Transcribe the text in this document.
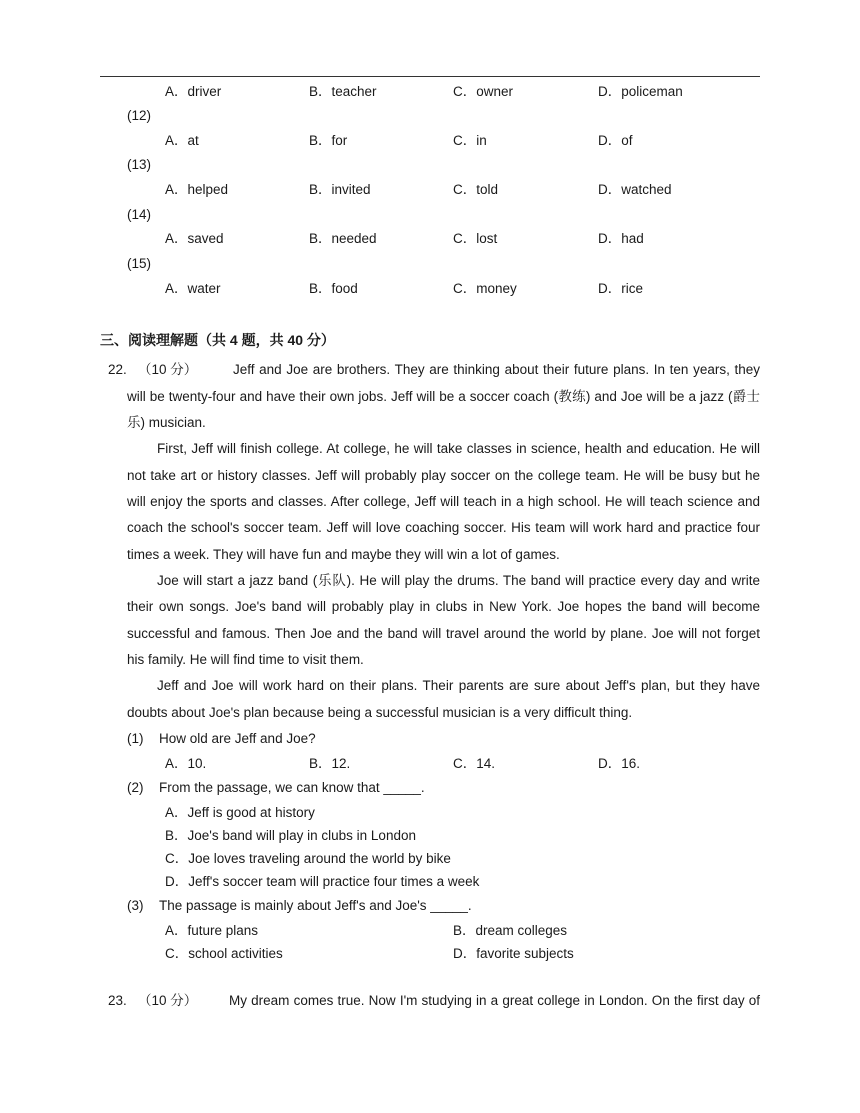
A．driver	B．teacher	C．owner	D．policeman
(12)
A．at	B．for	C．in	D．of
(13)
A．helped	B．invited	C．told	D．watched
(14)
A．saved	B．needed	C．lost	D．had
(15)
A．water	B．food	C．money	D．rice
三、阅读理解题（共 4 题，共 40 分）
22. （10 分）	Jeff and Joe are brothers. They are thinking about their future plans. In ten years, they
will be twenty-four and have their own jobs. Jeff will be a soccer coach (教练) and Joe will be a jazz (爵士
乐) musician.
First, Jeff will finish college. At college, he will take classes in science, health and education. He will
not take art or history classes. Jeff will probably play soccer on the college team. He will be busy but he
will enjoy the sports and classes. After college, Jeff will teach in a high school. He will teach science and
coach the school's soccer team. Jeff will love coaching soccer. His team will work hard and practice four
times a week. They will have fun and maybe they will win a lot of games.
Joe will start a jazz band (乐队). He will play the drums. The band will practice every day and write
their own songs. Joe's band will probably play in clubs in New York. Joe hopes the band will become
successful and famous. Then Joe and the band will travel around the world by plane. Joe will not forget
his family. He will find time to visit them.
Jeff and Joe will work hard on their plans. Their parents are sure about Jeff's plan, but they have
doubts about Joe's plan because being a successful musician is a very difficult thing.
(1) How old are Jeff and Joe?
A．10.	B．12.	C．14.	D．16.
(2) From the passage, we can know that _____.
A．Jeff is good at history
B．Joe's band will play in clubs in London
C．Joe loves traveling around the world by bike
D．Jeff's soccer team will practice four times a week
(3) The passage is mainly about Jeff's and Joe's _____.
A．future plans	B．dream colleges
C．school activities	D．favorite subjects
23. （10 分） My dream comes true. Now I'm studying in a great college in London. On the first day of
